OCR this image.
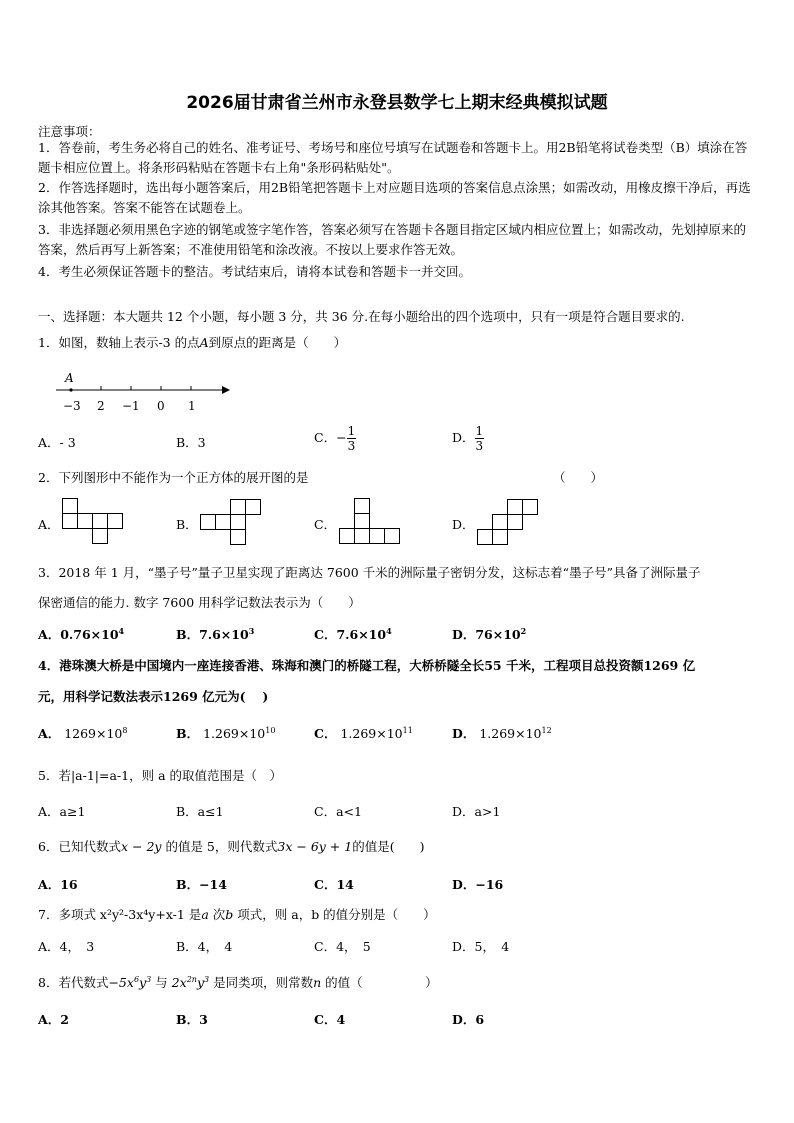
2026届甘肃省兰州市永登县数学七上期末经典模拟试题
注意事项：
1．答卷前，考生务必将自己的姓名、准考证号、考场号和座位号填写在试题卷和答题卡上。用2B铅笔将试卷类型（B）填涂在答题卡相应位置上。将条形码粘贴在答题卡右上角"条形码粘贴处"。
2．作答选择题时，选出每小题答案后，用2B铅笔把答题卡上对应题目选项的答案信息点涂黑；如需改动，用橡皮擦干净后，再选涂其他答案。答案不能答在试题卷上。
3．非选择题必须用黑色字迹的钢笔或签字笔作答，答案必须写在答题卡各题目指定区域内相应位置上；如需改动，先划掉原来的答案，然后再写上新答案；不准使用铅笔和涂改液。不按以上要求作答无效。
4．考生必须保证答题卡的整洁。考试结束后，请将本试卷和答题卡一并交回。
一、选择题：本大题共 12 个小题，每小题 3 分，共 36 分.在每小题给出的四个选项中，只有一项是符合题目要求的.
1．如图，数轴上表示-3 的点A到原点的距离是（　　）
A
−3 2 −1 0 1
A．- 3	B．3	C．− $\frac{1}{3}$	D． $\frac{1}{3}$
2．下列图形中不能作为一个正方体的展开图的是	（　　）
A．	B．	C．	D．
3．2018 年 1 月，“墨子号”量子卫星实现了距离达 7600 千米的洲际量子密钥分发，这标志着“墨子号”具备了洲际量子
保密通信的能力. 数字 7600 用科学记数法表示为（　　）
A．$0.76\times 10^4$	B．$7.6\times 10^3$	C．$7.6\times 10^4$	D．$76\times 10^2$
4．港珠澳大桥是中国境内一座连接香港、珠海和澳门的桥隧工程，大桥桥隧全长55 千米，工程项目总投资额1269 亿
元，用科学记数法表示1269 亿元为(　 )
A． $1269\times 10^8$	B． $1.269\times 10^{10}$	C． $1.269\times 10^{11}$	D． $1.269\times 10^{12}$
5．若|a-1|=a-1，则 a 的取值范围是（　）
A．a≥1	B．a≤1	C．a<1	D．a>1
6．已知代数式x − 2y 的值是 5，则代数式3x − 6y + 1的值是(　　)
A．16	B．−14	C．14	D．−16
7．多项式 x²y²-3x⁴y+x-1 是a 次b 项式，则 a，b 的值分别是（　　）
A．4，　3	B．4，　4	C．4，　5	D．5，　4
8．若代数式$-5x^6y^3$ 与 $2x^{2n}y^3$ 是同类项，则常数n 的值（　　　　　）
A．2	B．3	C．4	D．6
